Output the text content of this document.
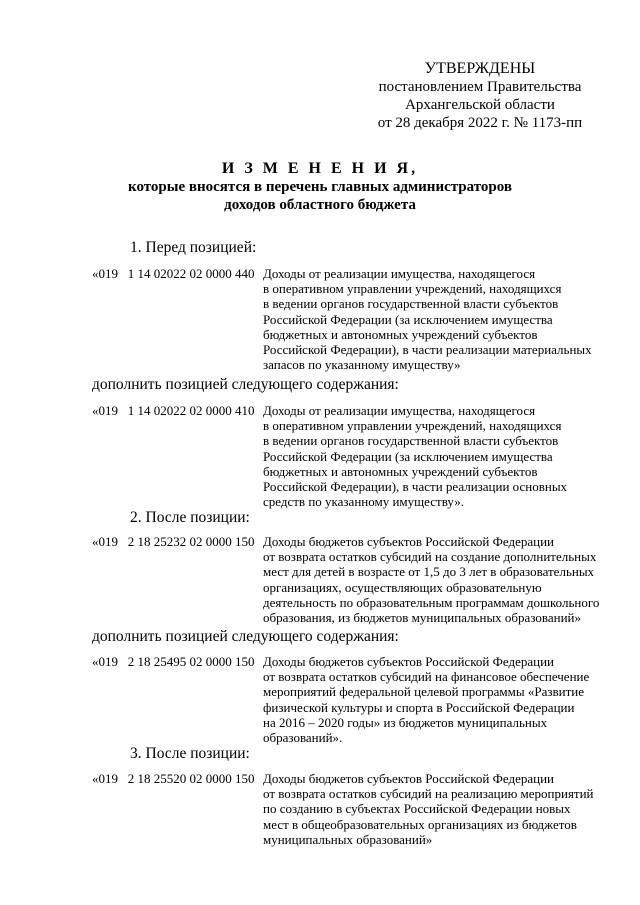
УТВЕРЖДЕНЫ
постановлением Правительства
Архангельской области
от 28 декабря 2022 г. № 1173-пп
И З М Е Н Е Н И Я,
которые вносятся в перечень главных администраторов
доходов областного бюджета
1. Перед позицией:
«019   1 14 02022 02 0000 440 Доходы от реализации имущества, находящегося
в оперативном управлении учреждений, находящихся
в ведении органов государственной власти субъектов
Российской Федерации (за исключением имущества
бюджетных и автономных учреждений субъектов
Российской Федерации), в части реализации материальных
запасов по указанному имуществу»
дополнить позицией следующего содержания:
«019   1 14 02022 02 0000 410 Доходы от реализации имущества, находящегося
в оперативном управлении учреждений, находящихся
в ведении органов государственной власти субъектов
Российской Федерации (за исключением имущества
бюджетных и автономных учреждений субъектов
Российской Федерации), в части реализации основных
средств по указанному имуществу».
2. После позиции:
«019   2 18 25232 02 0000 150 Доходы бюджетов субъектов Российской Федерации
от возврата остатков субсидий на создание дополнительных
мест для детей в возрасте от 1,5 до 3 лет в образовательных
организациях, осуществляющих образовательную
деятельность по образовательным программам дошкольного
образования, из бюджетов муниципальных образований»
дополнить позицией следующего содержания:
«019   2 18 25495 02 0000 150 Доходы бюджетов субъектов Российской Федерации
от возврата остатков субсидий на финансовое обеспечение
мероприятий федеральной целевой программы «Развитие
физической культуры и спорта в Российской Федерации
на 2016 – 2020 годы» из бюджетов муниципальных
образований».
3. После позиции:
«019   2 18 25520 02 0000 150 Доходы бюджетов субъектов Российской Федерации
от возврата остатков субсидий на реализацию мероприятий
по созданию в субъектах Российской Федерации новых
мест в общеобразовательных организациях из бюджетов
муниципальных образований»
